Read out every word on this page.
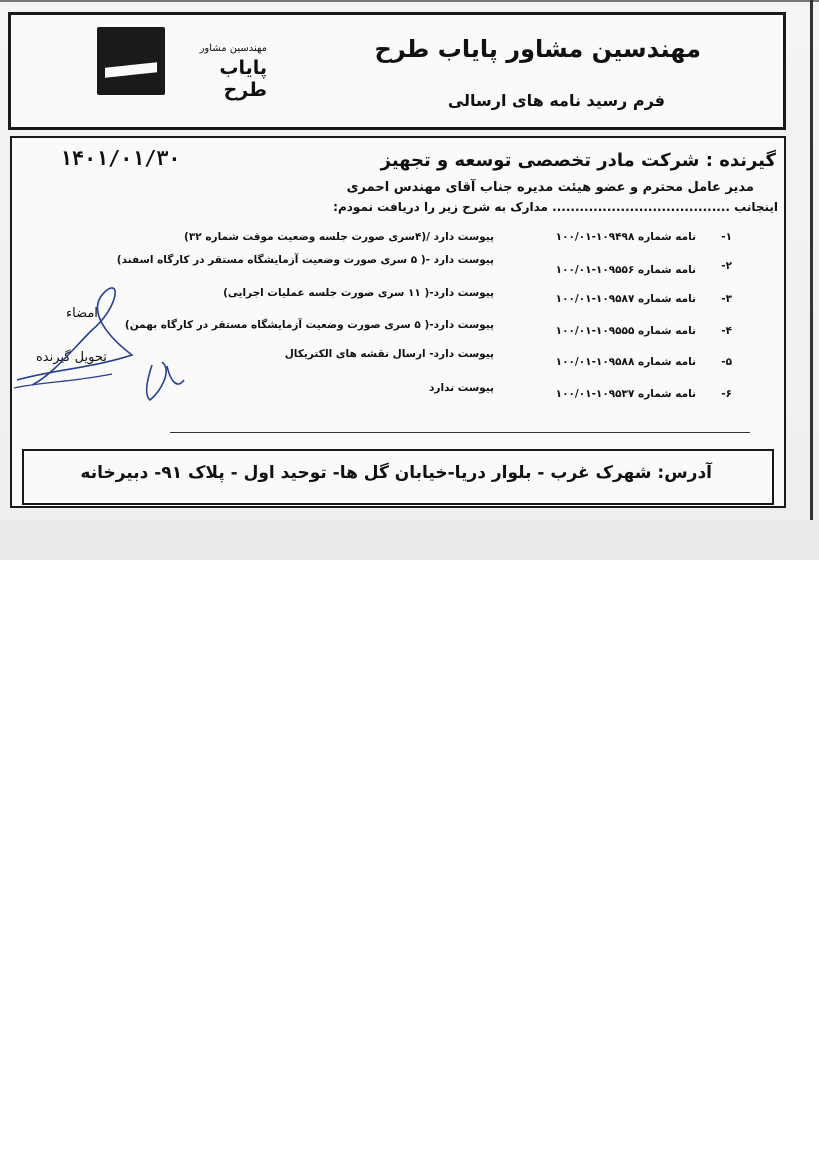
مهندسین مشاور
پایاب طرح
مهندسین مشاور پایاب طرح
فرم رسید نامه های ارسالی
۱۴۰۱/۰۱/۳۰	گیرنده : شرکت مادر تخصصی توسعه و تجهیز
مدیر عامل محترم و عضو هیئت مدیره جناب آقای مهندس احمری
اینجانب ....................................... مدارک به شرح زیر را دریافت نمودم:
۱-
نامه شماره ۱۰۹۴۹۸-۱۰۰/۰۱
پیوست دارد /(۴سری صورت جلسه وضعیت موقت شماره ۳۲)
۲-
نامه شماره ۱۰۹۵۵۶-۱۰۰/۰۱
پیوست دارد -( ۵ سری صورت وضعیت آزمایشگاه مستقر در کارگاه اسفند)
۳-
نامه شماره ۱۰۹۵۸۷-۱۰۰/۰۱
پیوست دارد-( ۱۱ سری صورت جلسه عملیات اجرایی)
۴-
نامه شماره ۱۰۹۵۵۵-۱۰۰/۰۱
پیوست دارد-( ۵ سری صورت وضعیت آزمایشگاه مستقر در کارگاه بهمن)
۵-
نامه شماره ۱۰۹۵۸۸-۱۰۰/۰۱
پیوست دارد- ارسال نقشه های الکتریکال
۶-
نامه شماره ۱۰۹۵۳۷-۱۰۰/۰۱
پیوست ندارد
امضاء
تحویل گیرنده
آدرس: شهرک غرب - بلوار دریا-خیابان گل ها- توحید اول - پلاک ۹۱- دبیرخانه
